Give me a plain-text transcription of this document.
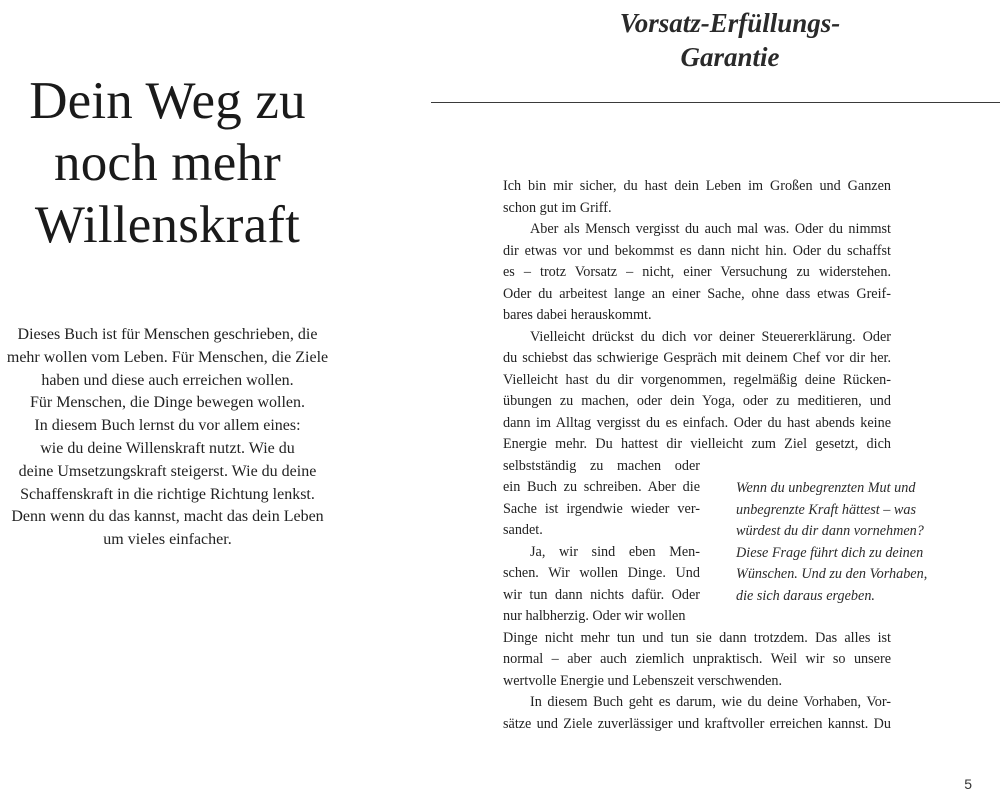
Dein Weg zu
noch mehr
Willenskraft
Dieses Buch ist für Menschen geschrieben, die
mehr wollen vom Leben. Für Menschen, die Ziele
haben und diese auch erreichen wollen.
Für Menschen, die Dinge bewegen wollen.
In diesem Buch lernst du vor allem eines:
wie du deine Willenskraft nutzt. Wie du
deine Umsetzungskraft steigerst. Wie du deine
Schaffenskraft in die richtige Richtung lenkst.
Denn wenn du das kannst, macht das dein Leben
um vieles einfacher.
Vorsatz-Erfüllungs-
Garantie
Ich bin mir sicher, du hast dein Leben im Großen und Ganzen
schon gut im Griff.
Aber als Mensch vergisst du auch mal was. Oder du nimmst
dir etwas vor und bekommst es dann nicht hin. Oder du schaffst
es – trotz Vorsatz – nicht, einer Versuchung zu widerstehen.
Oder du arbeitest lange an einer Sache, ohne dass etwas Greif-
bares dabei herauskommt.
Vielleicht drückst du dich vor deiner Steuererklärung. Oder
du schiebst das schwierige Gespräch mit deinem Chef vor dir her.
Vielleicht hast du dir vorgenommen, regelmäßig deine Rücken-
übungen zu machen, oder dein Yoga, oder zu meditieren, und
dann im Alltag vergisst du es einfach. Oder du hast abends keine
Energie mehr. Du hattest dir vielleicht zum Ziel gesetzt, dich
selbstständig zu machen oder
ein Buch zu schreiben. Aber die
Sache ist irgendwie wieder ver-
sandet.
Ja, wir sind eben Men-
schen. Wir wollen Dinge. Und
wir tun dann nichts dafür. Oder
nur halbherzig. Oder wir wollen
Dinge nicht mehr tun und tun sie dann trotzdem. Das alles ist
normal – aber auch ziemlich unpraktisch. Weil wir so unsere
wertvolle Energie und Lebenszeit verschwenden.
In diesem Buch geht es darum, wie du deine Vorhaben, Vor-
sätze und Ziele zuverlässiger und kraftvoller erreichen kannst. Du
Wenn du unbegrenzten Mut und
unbegrenzte Kraft hättest – was
würdest du dir dann vornehmen?
Diese Frage führt dich zu deinen
Wünschen. Und zu den Vorhaben,
die sich daraus ergeben.
5
